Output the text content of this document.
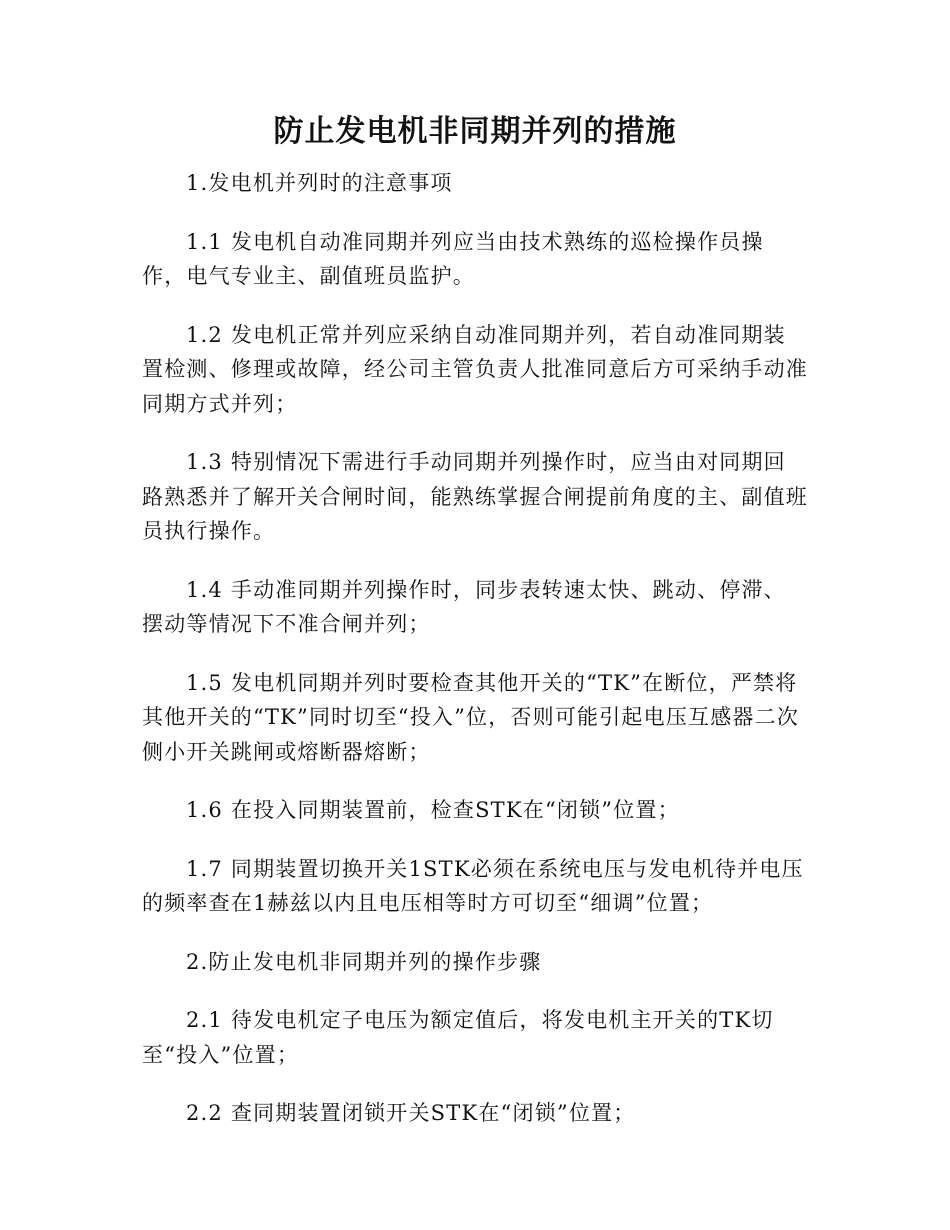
防止发电机非同期并列的措施

1.发电机并列时的注意事项

1.1 发电机自动准同期并列应当由技术熟练的巡检操作员操作，电气专业主、副值班员监护。

1.2 发电机正常并列应采纳自动准同期并列，若自动准同期装置检测、修理或故障，经公司主管负责人批准同意后方可采纳手动准同期方式并列；

1.3 特别情况下需进行手动同期并列操作时，应当由对同期回路熟悉并了解开关合闸时间，能熟练掌握合闸提前角度的主、副值班员执行操作。

1.4 手动准同期并列操作时，同步表转速太快、跳动、停滞、摆动等情况下不准合闸并列；

1.5 发电机同期并列时要检查其他开关的“TK”在断位，严禁将其他开关的“TK”同时切至“投入”位，否则可能引起电压互感器二次侧小开关跳闸或熔断器熔断；

1.6 在投入同期装置前，检查STK在“闭锁”位置；

1.7 同期装置切换开关1STK必须在系统电压与发电机待并电压的频率查在1赫兹以内且电压相等时方可切至“细调”位置；

2.防止发电机非同期并列的操作步骤

2.1 待发电机定子电压为额定值后，将发电机主开关的TK切至“投入”位置；

2.2 查同期装置闭锁开关STK在“闭锁”位置；
